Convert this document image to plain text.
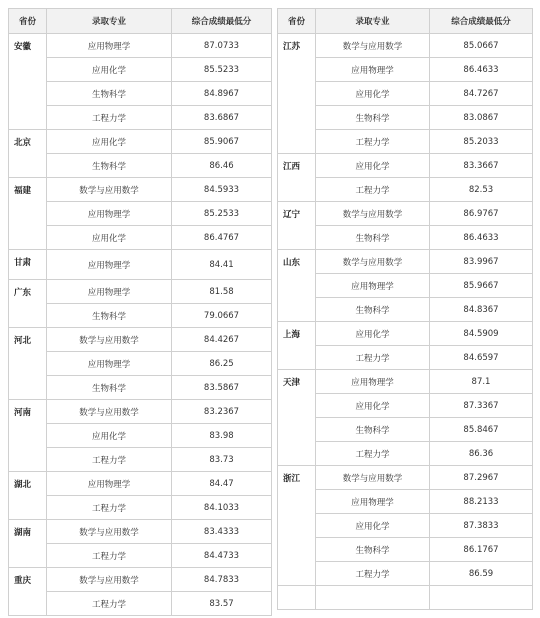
省份	录取专业	综合成绩最低分
安徽	应用物理学	87.0733
	应用化学	85.5233
	生物科学	84.8967
	工程力学	83.6867
北京	应用化学	85.9067
	生物科学	86.46
福建	数学与应用数学	84.5933
	应用物理学	85.2533
	应用化学	86.4767
甘肃	应用物理学	84.41
广东	应用物理学	81.58
	生物科学	79.0667
河北	数学与应用数学	84.4267
	应用物理学	86.25
	生物科学	83.5867
河南	数学与应用数学	83.2367
	应用化学	83.98
	工程力学	83.73
湖北	应用物理学	84.47
	工程力学	84.1033
湖南	数学与应用数学	83.4333
	工程力学	84.4733
重庆	数学与应用数学	84.7833
	工程力学	83.57
省份	录取专业	综合成绩最低分
江苏	数学与应用数学	85.0667
	应用物理学	86.4633
	应用化学	84.7267
	生物科学	83.0867
	工程力学	85.2033
江西	应用化学	83.3667
	工程力学	82.53
辽宁	数学与应用数学	86.9767
	生物科学	86.4633
山东	数学与应用数学	83.9967
	应用物理学	85.9667
	生物科学	84.8367
上海	应用化学	84.5909
	工程力学	84.6597
天津	应用物理学	87.1
	应用化学	87.3367
	生物科学	85.8467
	工程力学	86.36
浙江	数学与应用数学	87.2967
	应用物理学	88.2133
	应用化学	87.3833
	生物科学	86.1767
	工程力学	86.59
